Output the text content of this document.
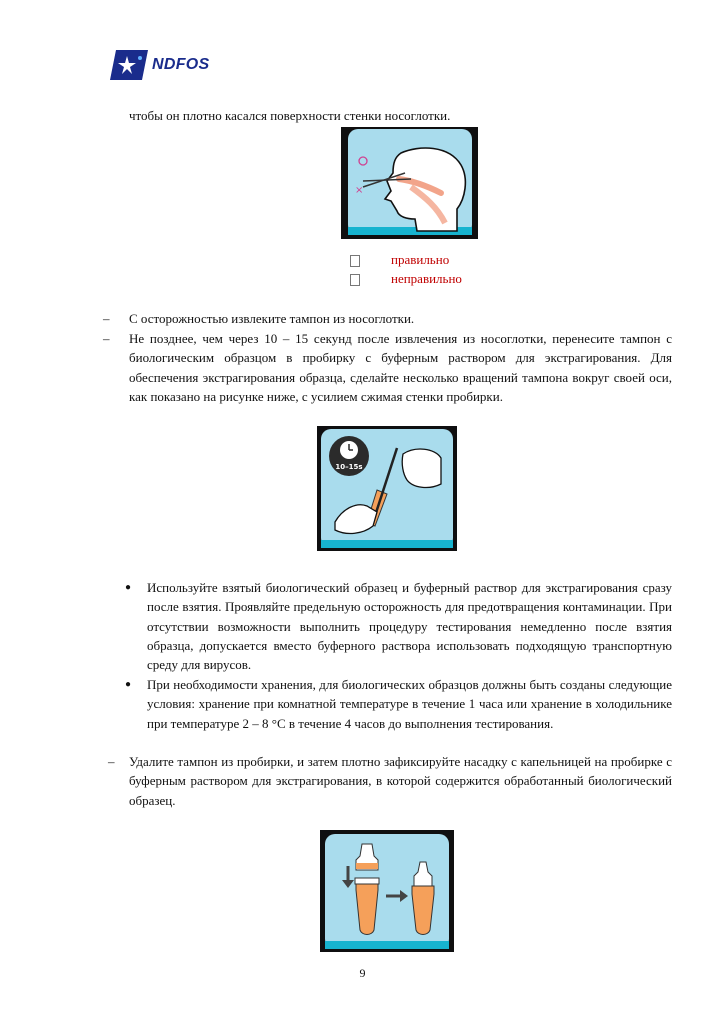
NDFOS
чтобы он плотно касался поверхности стенки носоглотки.
×
правильно
неправильно
– С осторожностью извлеките тампон из носоглотки.
– Не позднее, чем через 10 – 15 секунд после извлечения из носоглотки, перенесите тампон с биологическим образцом в пробирку с буферным раствором для экстрагирования. Для обеспечения экстрагирования образца, сделайте несколько вращений тампона вокруг своей оси, как показано на рисунке ниже, с усилием сжимая стенки пробирки.
10–15s
● Используйте взятый биологический образец и буферный раствор для экстрагирования сразу после взятия. Проявляйте предельную осторожность для предотвращения контаминации. При отсутствии возможности выполнить процедуру тестирования немедленно после взятия образца, допускается вместо буферного раствора использовать подходящую транспортную среду для вирусов.
● При необходимости хранения, для биологических образцов должны быть созданы следующие условия: хранение при комнатной температуре в течение 1 часа или хранение в холодильнике при температуре 2 – 8 °C в течение 4 часов до выполнения тестирования.
– Удалите тампон из пробирки, и затем плотно зафиксируйте насадку с капельницей на пробирке с буферным раствором для экстрагирования, в которой содержится обработанный биологический образец.
9
